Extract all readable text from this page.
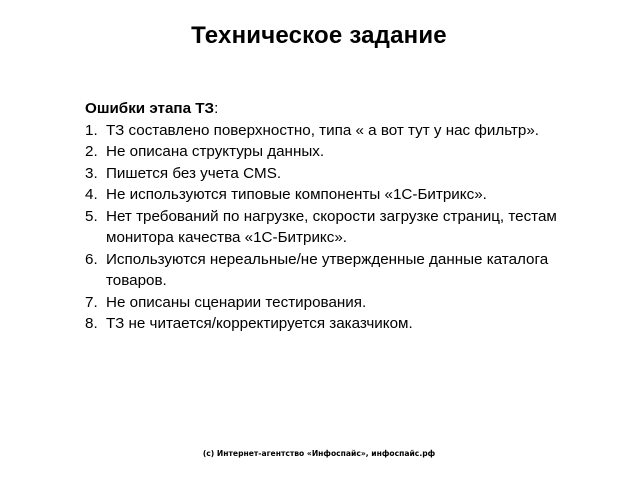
Техническое задание

Ошибки этапа ТЗ:

1. ТЗ составлено поверхностно, типа « а вот тут у нас фильтр».
2. Не описана структуры данных.
3. Пишется без учета CMS.
4. Не используются типовые компоненты «1С-Битрикс».
5. Нет требований по нагрузке, скорости загрузке страниц, тестам монитора качества «1С-Битрикс».
6. Используются нереальные/не утвержденные данные каталога товаров.
7. Не описаны сценарии тестирования.
8. ТЗ не читается/корректируется заказчиком.
(с) Интернет-агентство «Инфоспайс», инфоспайс.рф
